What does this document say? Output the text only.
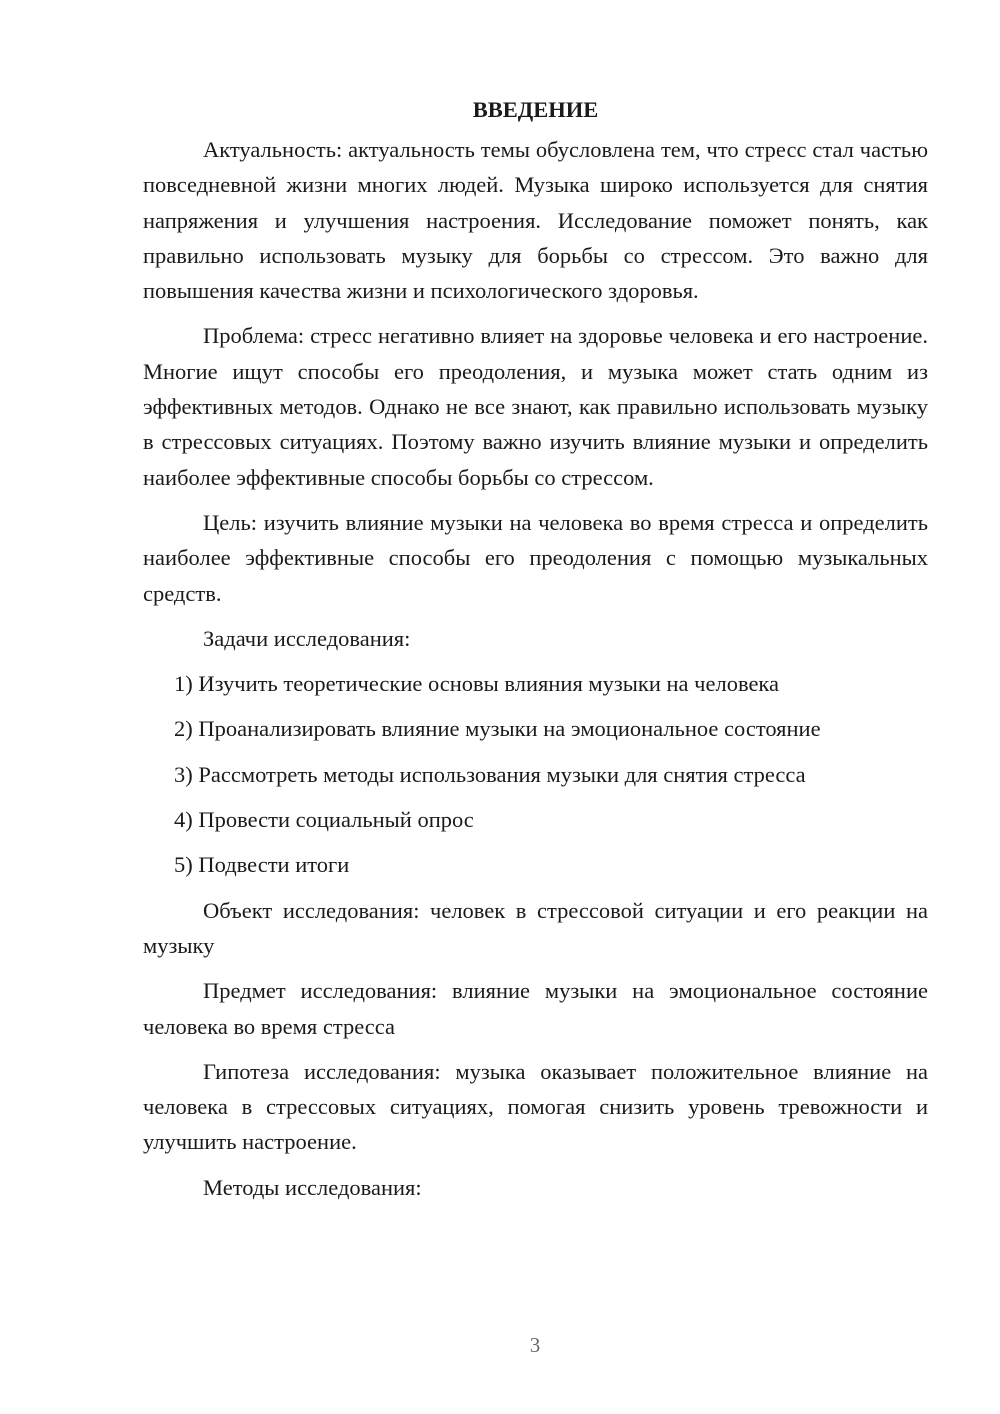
ВВЕДЕНИЕ

Актуальность: актуальность темы обусловлена тем, что стресс стал частью повседневной жизни многих людей. Музыка широко используется для снятия напряжения и улучшения настроения. Исследование поможет понять, как правильно использовать музыку для борьбы со стрессом. Это важно для повышения качества жизни и психологического здоровья.

Проблема: стресс негативно влияет на здоровье человека и его настроение. Многие ищут способы его преодоления, и музыка может стать одним из эффективных методов. Однако не все знают, как правильно использовать музыку в стрессовых ситуациях. Поэтому важно изучить влияние музыки и определить наиболее эффективные способы борьбы со стрессом.

Цель: изучить влияние музыки на человека во время стресса и определить наиболее эффективные способы его преодоления с помощью музыкальных средств.

Задачи исследования:

1) Изучить теоретические основы влияния музыки на человека
2) Проанализировать влияние музыки на эмоциональное состояние
3) Рассмотреть методы использования музыки для снятия стресса
4) Провести социальный опрос
5) Подвести итоги

Объект исследования: человек в стрессовой ситуации и его реакции на музыку

Предмет исследования: влияние музыки на эмоциональное состояние человека во время стресса

Гипотеза исследования: музыка оказывает положительное влияние на человека в стрессовых ситуациях, помогая снизить уровень тревожности и улучшить настроение.

Методы исследования:

3
